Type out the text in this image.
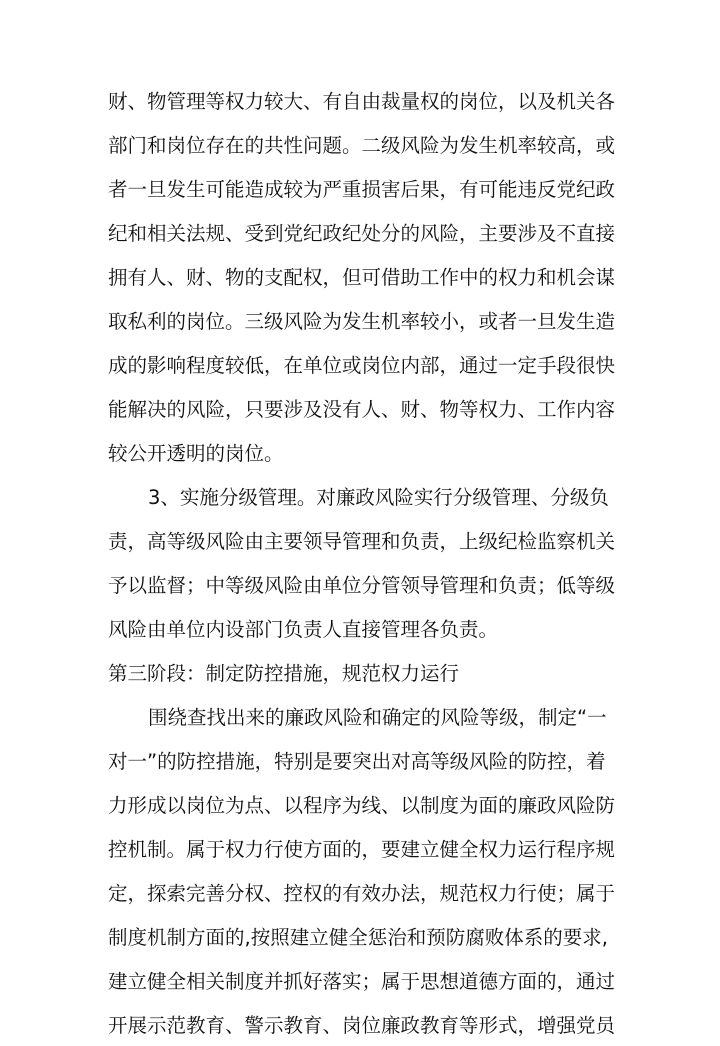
财、物管理等权力较大、有自由裁量权的岗位，以及机关各
部门和岗位存在的共性问题。二级风险为发生机率较高，或
者一旦发生可能造成较为严重损害后果，有可能违反党纪政
纪和相关法规、受到党纪政纪处分的风险，主要涉及不直接
拥有人、财、物的支配权，但可借助工作中的权力和机会谋
取私利的岗位。三级风险为发生机率较小，或者一旦发生造
成的影响程度较低，在单位或岗位内部，通过一定手段很快
能解决的风险，只要涉及没有人、财、物等权力、工作内容
较公开透明的岗位。
3、实施分级管理。对廉政风险实行分级管理、分级负
责，高等级风险由主要领导管理和负责，上级纪检监察机关
予以监督；中等级风险由单位分管领导管理和负责；低等级
风险由单位内设部门负责人直接管理各负责。
第三阶段：制定防控措施，规范权力运行
围绕查找出来的廉政风险和确定的风险等级，制定“一
对一”的防控措施，特别是要突出对高等级风险的防控，着
力形成以岗位为点、以程序为线、以制度为面的廉政风险防
控机制。属于权力行使方面的，要建立健全权力运行程序规
定，探索完善分权、控权的有效办法，规范权力行使；属于
制度机制方面的,按照建立健全惩治和预防腐败体系的要求,
建立健全相关制度并抓好落实；属于思想道德方面的，通过
开展示范教育、警示教育、岗位廉政教育等形式，增强党员
